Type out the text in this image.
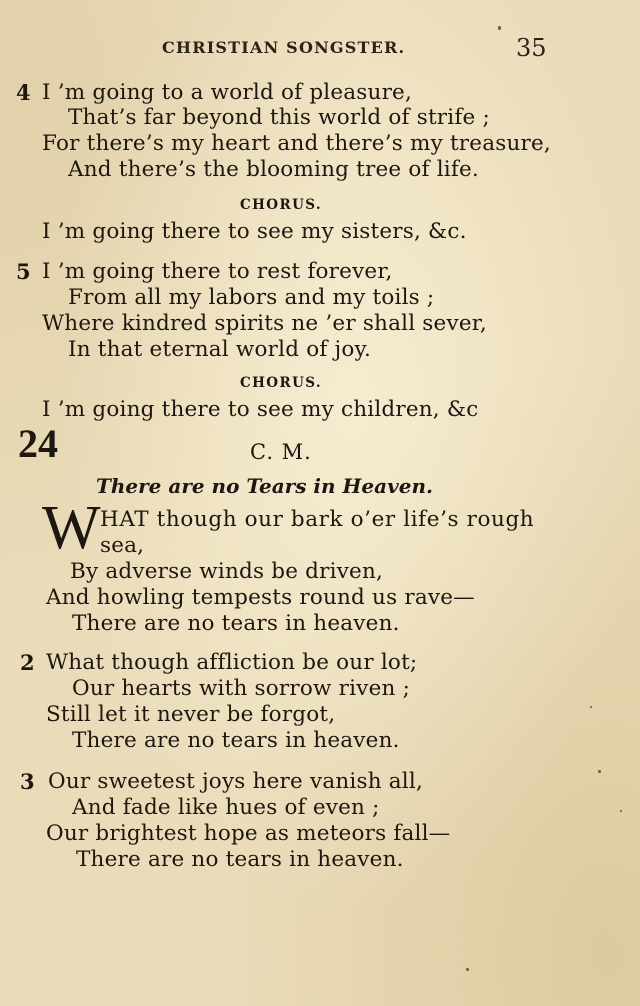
CHRISTIAN SONGSTER.	35
4 I ’m going to a world of pleasure,
That’s far beyond this world of strife ;
For there’s my heart and there’s my treasure,
And there’s the blooming tree of life.
CHORUS.
I ’m going there to see my sisters, &c.
5 I ’m going there to rest forever,
From all my labors and my toils ;
Where kindred spirits ne ’er shall sever,
In that eternal world of joy.
CHORUS.
I ’m going there to see my children, &c
24	C. M.
There are no Tears in Heaven.
W HAT though our bark o’er life’s rough
sea,
By adverse winds be driven,
And howling tempests round us rave—
There are no tears in heaven.
2 What though affliction be our lot;
Our hearts with sorrow riven ;
Still let it never be forgot,
There are no tears in heaven.
3 Our sweetest joys here vanish all,
And fade like hues of even ;
Our brightest hope as meteors fall—
There are no tears in heaven.
